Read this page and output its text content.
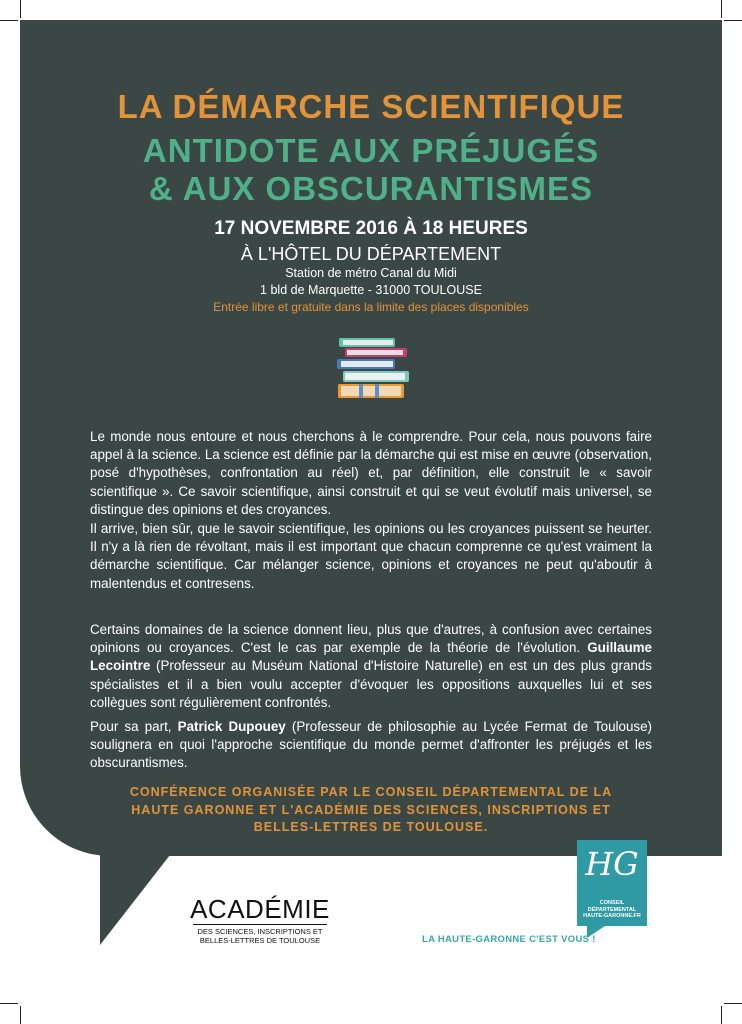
LA DÉMARCHE SCIENTIFIQUE
ANTIDOTE AUX PRÉJUGÉS
& AUX OBSCURANTISMES
17 NOVEMBRE 2016 À 18 HEURES
À L'HÔTEL DU DÉPARTEMENT
Station de métro Canal du Midi
1 bld de Marquette - 31000 TOULOUSE
Entrée libre et gratuite dans la limite des places disponibles

Le monde nous entoure et nous cherchons à le comprendre. Pour cela, nous pouvons faire appel à la science. La science est définie par la démarche qui est mise en œuvre (observation, posé d'hypothèses, confrontation au réel) et, par définition, elle construit le « savoir scientifique ». Ce savoir scientifique, ainsi construit et qui se veut évolutif mais universel, se distingue des opinions et des croyances.

Il arrive, bien sûr, que le savoir scientifique, les opinions ou les croyances puissent se heurter. Il n'y a là rien de révoltant, mais il est important que chacun comprenne ce qu'est vraiment la démarche scientifique. Car mélanger science, opinions et croyances ne peut qu'aboutir à malentendus et contresens.

Certains domaines de la science donnent lieu, plus que d'autres, à confusion avec certaines opinions ou croyances. C'est le cas par exemple de la théorie de l'évolution. Guillaume Lecointre (Professeur au Muséum National d'Histoire Naturelle) en est un des plus grands spécialistes et il a bien voulu accepter d'évoquer les oppositions auxquelles lui et ses collègues sont régulièrement confrontés.

Pour sa part, Patrick Dupouey (Professeur de philosophie au Lycée Fermat de Toulouse) soulignera en quoi l'approche scientifique du monde permet d'affronter les préjugés et les obscurantismes.

CONFÉRENCE ORGANISÉE PAR LE CONSEIL DÉPARTEMENTAL DE LA
HAUTE GARONNE ET L'ACADÉMIE DES SCIENCES, INSCRIPTIONS ET
BELLES-LETTRES DE TOULOUSE.
ACADÉMIE
DES SCIENCES, INSCRIPTIONS ET
BELLES-LETTRES DE TOULOUSE	LA HAUTE-GARONNE C'EST VOUS !
HG
CONSEIL DÉPARTEMENTAL
HAUTE-GARONNE.FR
